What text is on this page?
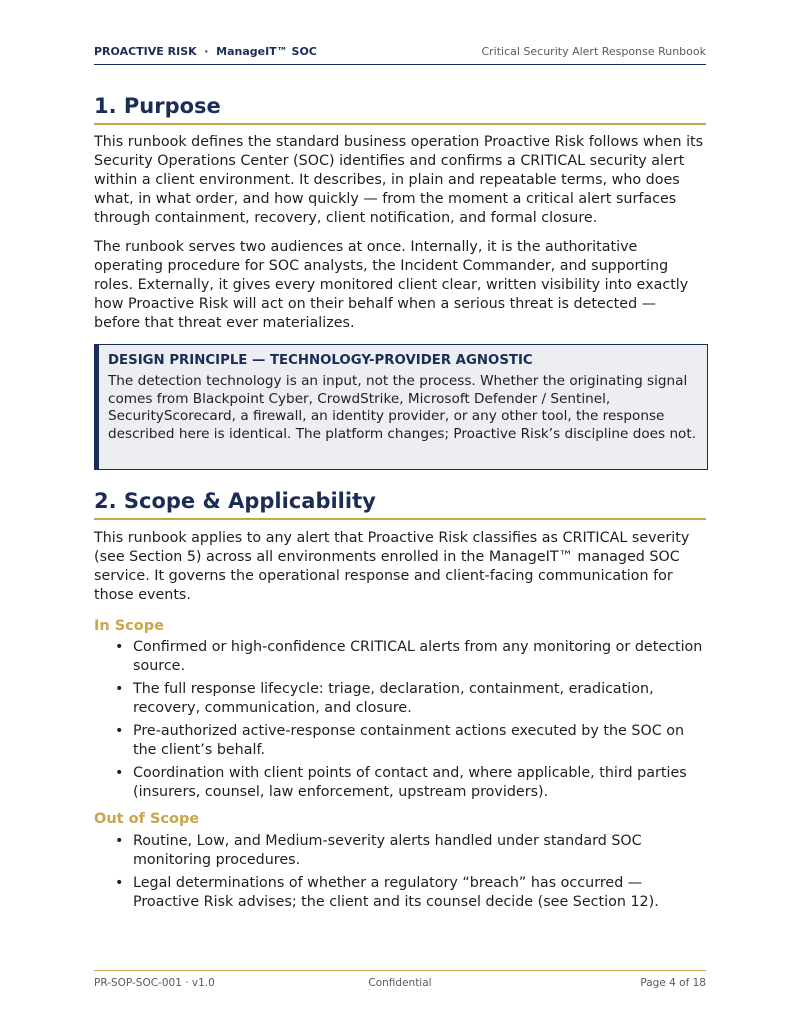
PROACTIVE RISK  ·  ManageIT™ SOC	Critical Security Alert Response Runbook
1. Purpose

This runbook defines the standard business operation Proactive Risk follows when its Security Operations Center (SOC) identifies and confirms a CRITICAL security alert within a client environment. It describes, in plain and repeatable terms, who does what, in what order, and how quickly — from the moment a critical alert surfaces through containment, recovery, client notification, and formal closure.

The runbook serves two audiences at once. Internally, it is the authoritative operating procedure for SOC analysts, the Incident Commander, and supporting roles. Externally, it gives every monitored client clear, written visibility into exactly how Proactive Risk will act on their behalf when a serious threat is detected — before that threat ever materializes.

DESIGN PRINCIPLE — TECHNOLOGY-PROVIDER AGNOSTIC

The detection technology is an input, not the process. Whether the originating signal comes from Blackpoint Cyber, CrowdStrike, Microsoft Defender / Sentinel, SecurityScorecard, a firewall, an identity provider, or any other tool, the response described here is identical. The platform changes; Proactive Risk’s discipline does not.

2. Scope & Applicability

This runbook applies to any alert that Proactive Risk classifies as CRITICAL severity (see Section 5) across all environments enrolled in the ManageIT™ managed SOC service. It governs the operational response and client-facing communication for those events.

In Scope
• Confirmed or high-confidence CRITICAL alerts from any monitoring or detection source.
• The full response lifecycle: triage, declaration, containment, eradication, recovery, communication, and closure.
• Pre-authorized active-response containment actions executed by the SOC on the client’s behalf.
• Coordination with client points of contact and, where applicable, third parties (insurers, counsel, law enforcement, upstream providers).
Out of Scope
• Routine, Low, and Medium-severity alerts handled under standard SOC monitoring procedures.
• Legal determinations of whether a regulatory “breach” has occurred — Proactive Risk advises; the client and its counsel decide (see Section 12).
PR-SOP-SOC-001 · v1.0	Confidential	Page 4 of 18
